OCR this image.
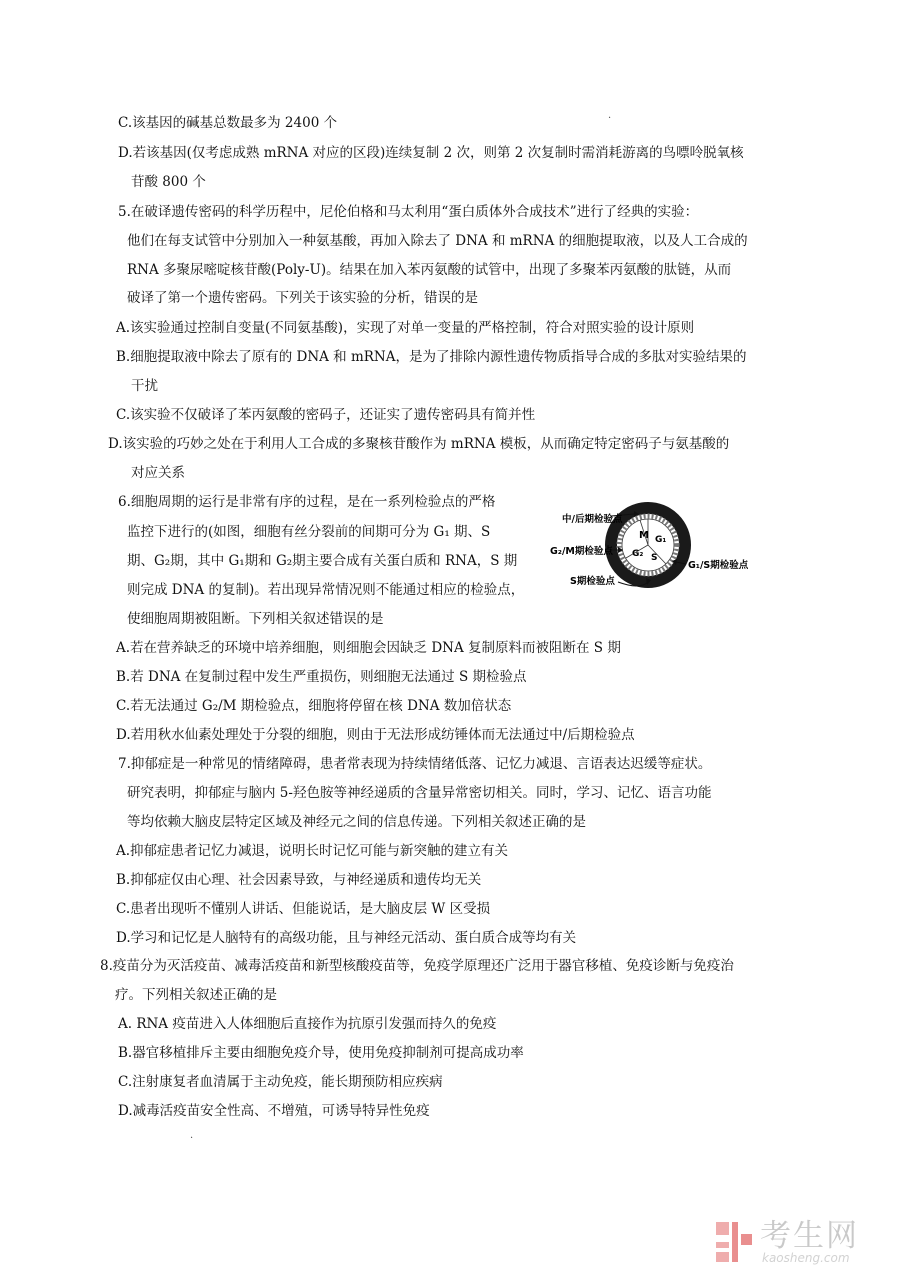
C.该基因的碱基总数最多为 2400 个
D.若该基因(仅考虑成熟 mRNA 对应的区段)连续复制 2 次，则第 2 次复制时需消耗游离的鸟嘌呤脱氧核
苷酸 800 个
5.在破译遗传密码的科学历程中，尼伦伯格和马太利用“蛋白质体外合成技术”进行了经典的实验：
他们在每支试管中分别加入一种氨基酸，再加入除去了 DNA 和 mRNA 的细胞提取液，以及人工合成的
RNA 多聚尿嘧啶核苷酸(Poly-U)。结果在加入苯丙氨酸的试管中，出现了多聚苯丙氨酸的肽链，从而
破译了第一个遗传密码。下列关于该实验的分析，错误的是
A.该实验通过控制自变量(不同氨基酸)，实现了对单一变量的严格控制，符合对照实验的设计原则
B.细胞提取液中除去了原有的 DNA 和 mRNA，是为了排除内源性遗传物质指导合成的多肽对实验结果的
干扰
C.该实验不仅破译了苯丙氨酸的密码子，还证实了遗传密码具有简并性
D.该实验的巧妙之处在于利用人工合成的多聚核苷酸作为 mRNA 模板，从而确定特定密码子与氨基酸的
对应关系
6.细胞周期的运行是非常有序的过程，是在一系列检验点的严格
监控下进行的(如图，细胞有丝分裂前的间期可分为 G₁ 期、S
期、G₂期，其中 G₁期和 G₂期主要合成有关蛋白质和 RNA，S 期
则完成 DNA 的复制)。若出现异常情况则不能通过相应的检验点，
使细胞周期被阻断。下列相关叙述错误的是
A.若在营养缺乏的环境中培养细胞，则细胞会因缺乏 DNA 复制原料而被阻断在 S 期
B.若 DNA 在复制过程中发生严重损伤，则细胞无法通过 S 期检验点
C.若无法通过 G₂/M 期检验点，细胞将停留在核 DNA 数加倍状态
D.若用秋水仙素处理处于分裂的细胞，则由于无法形成纺锤体而无法通过中/后期检验点
7.抑郁症是一种常见的情绪障碍，患者常表现为持续情绪低落、记忆力减退、言语表达迟缓等症状。
研究表明，抑郁症与脑内 5-羟色胺等神经递质的含量异常密切相关。同时，学习、记忆、语言功能
等均依赖大脑皮层特定区域及神经元之间的信息传递。下列相关叙述正确的是
A.抑郁症患者记忆力减退，说明长时记忆可能与新突触的建立有关
B.抑郁症仅由心理、社会因素导致，与神经递质和遗传均无关
C.患者出现听不懂别人讲话、但能说话，是大脑皮层 W 区受损
D.学习和记忆是人脑特有的高级功能，且与神经元活动、蛋白质合成等均有关
8.疫苗分为灭活疫苗、减毒活疫苗和新型核酸疫苗等，免疫学原理还广泛用于器官移植、免疫诊断与免疫治
疗。下列相关叙述正确的是
A. RNA 疫苗进入人体细胞后直接作为抗原引发强而持久的免疫
B.器官移植排斥主要由细胞免疫介导，使用免疫抑制剂可提高成功率
C.注射康复者血清属于主动免疫，能长期预防相应疾病
D.减毒活疫苗安全性高、不增殖，可诱导特异性免疫
·
·
M G₁
G₂ S
中/后期检验点
G₂/M期检验点
S期检验点
G₁/S期检验点
考生网
kaosheng.com
